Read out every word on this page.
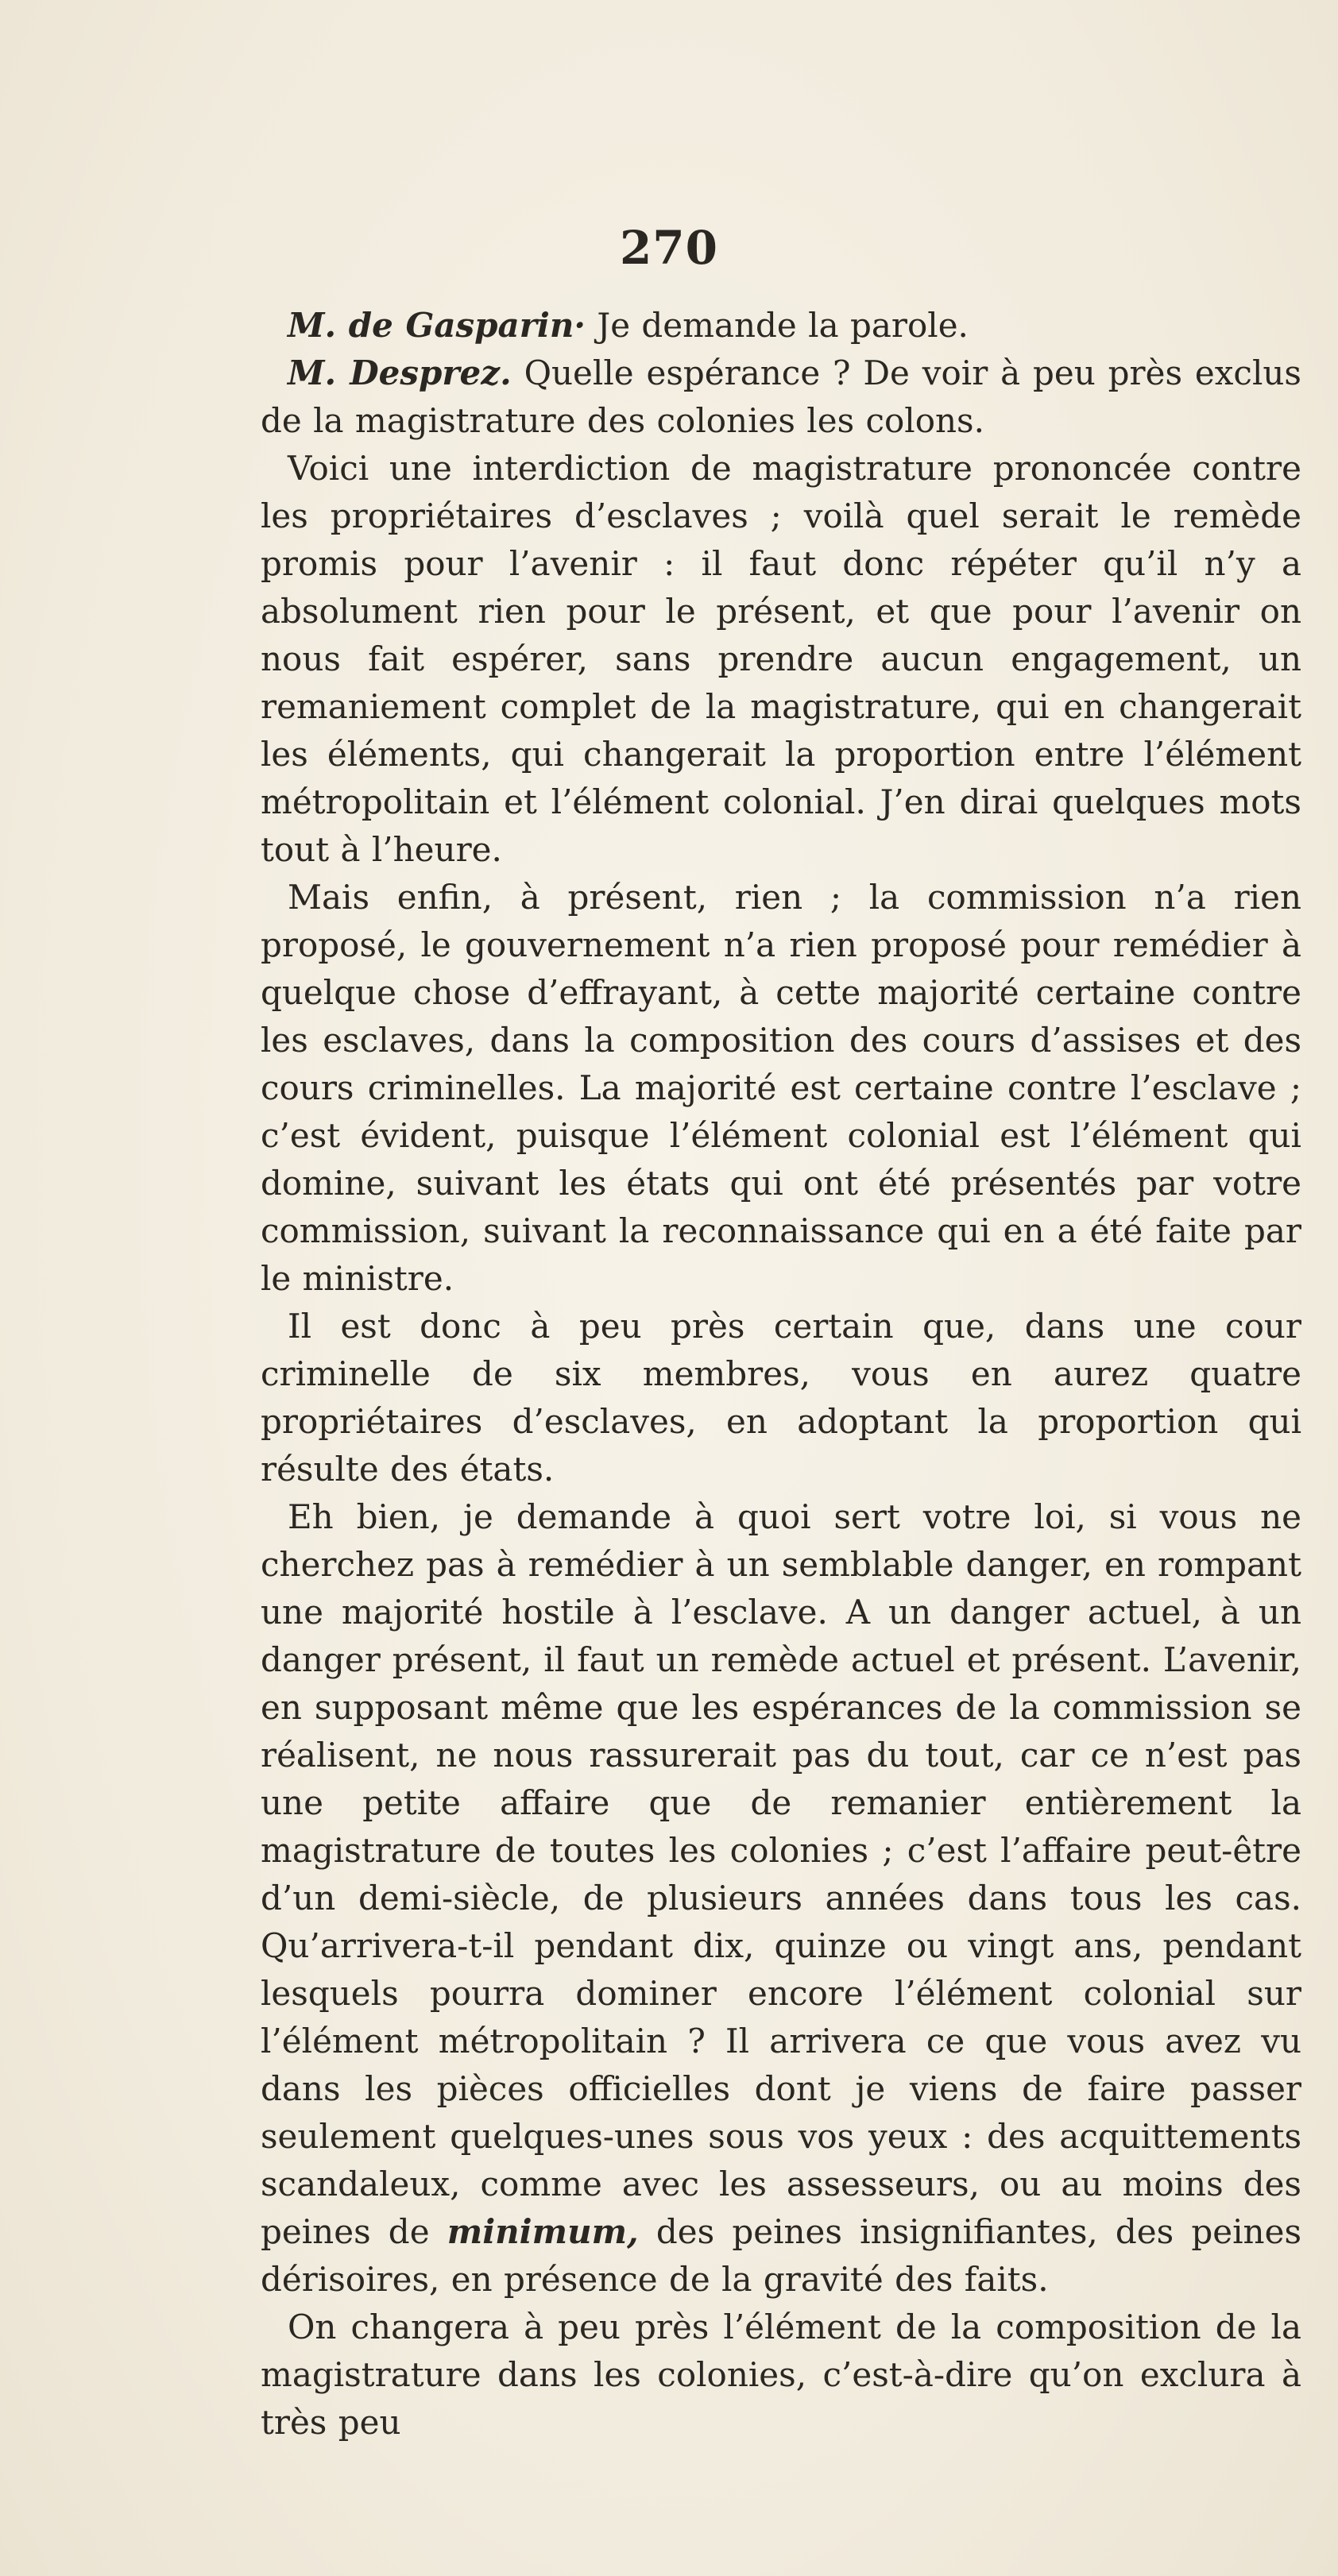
270

M. de Gasparin· Je demande la parole.

M. Desprez. Quelle espérance ? De voir à peu près exclus de la magistrature des colonies les colons.

Voici une interdiction de magistrature prononcée contre les propriétaires d’esclaves ; voilà quel serait le remède promis pour l’avenir : il faut donc répéter qu’il n’y a absolument rien pour le présent, et que pour l’avenir on nous fait espérer, sans prendre aucun engagement, un remaniement complet de la magistrature, qui en changerait les éléments, qui changerait la proportion entre l’élément métropolitain et l’élément colonial. J’en dirai quelques mots tout à l’heure.

Mais enfin, à présent, rien ; la commission n’a rien proposé, le gouvernement n’a rien proposé pour remédier à quelque chose d’effrayant, à cette majorité certaine contre les esclaves, dans la composition des cours d’assises et des cours criminelles. La majorité est certaine contre l’esclave ; c’est évident, puisque l’élément colonial est l’élément qui domine, suivant les états qui ont été présentés par votre commission, suivant la reconnaissance qui en a été faite par le ministre.

Il est donc à peu près certain que, dans une cour criminelle de six membres, vous en aurez quatre propriétaires d’esclaves, en adoptant la proportion qui résulte des états.

Eh bien, je demande à quoi sert votre loi, si vous ne cherchez pas à remédier à un semblable danger, en rompant une majorité hostile à l’esclave. A un danger actuel, à un danger présent, il faut un remède actuel et présent. L’avenir, en supposant même que les espérances de la commission se réalisent, ne nous rassurerait pas du tout, car ce n’est pas une petite affaire que de remanier entièrement la magistrature de toutes les colonies ; c’est l’affaire peut-être d’un demi-siècle, de plusieurs années dans tous les cas. Qu’arrivera-t-il pendant dix, quinze ou vingt ans, pendant lesquels pourra dominer encore l’élément colonial sur l’élément métropolitain ? Il arrivera ce que vous avez vu dans les pièces officielles dont je viens de faire passer seulement quelques-unes sous vos yeux : des acquittements scandaleux, comme avec les assesseurs, ou au moins des peines de minimum, des peines insignifiantes, des peines dérisoires, en présence de la gravité des faits.

On changera à peu près l’élément de la composition de la magistrature dans les colonies, c’est-à-dire qu’on exclura à très peu
